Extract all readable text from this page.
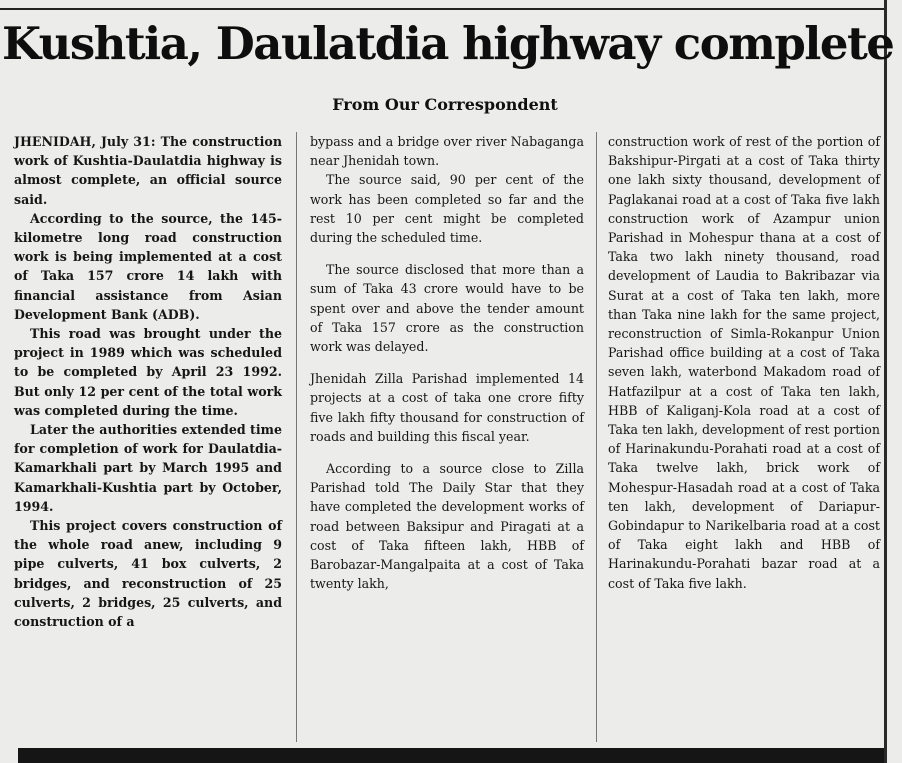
Kushtia, Daulatdia highway complete
From Our Correspondent

JHENIDAH, July 31: The construction work of Kushtia-Daulatdia highway is almost complete, an official source said.

According to the source, the 145-kilometre long road construction work is being implemented at a cost of Taka 157 crore 14 lakh with financial assistance from Asian Development Bank (ADB).

This road was brought under the project in 1989 which was scheduled to be completed by April 23 1992. But only 12 per cent of the total work was completed during the time.

Later the authorities extended time for completion of work for Daulatdia-Kamarkhali part by March 1995 and Kamarkhali-Kushtia part by October, 1994.

This project covers construction of the whole road anew, including 9 pipe culverts, 41 box culverts, 2 bridges, and reconstruction of 25 culverts, 2 bridges, 25 culverts, and construction of a

bypass and a bridge over river Nabaganga near Jhenidah town.

The source said, 90 per cent of the work has been completed so far and the rest 10 per cent might be completed during the scheduled time.

The source disclosed that more than a sum of Taka 43 crore would have to be spent over and above the tender amount of Taka 157 crore as the construction work was delayed.

Jhenidah Zilla Parishad implemented 14 projects at a cost of taka one crore fifty five lakh fifty thousand for construction of roads and building this fiscal year.

According to a source close to Zilla Parishad told The Daily Star that they have completed the development works of road between Baksipur and Piragati at a cost of Taka fifteen lakh, HBB of Barobazar-Mangalpaita at a cost of Taka twenty lakh,

construction work of rest of the portion of Bakshipur-Pirgati at a cost of Taka thirty one lakh sixty thousand, development of Paglakanai road at a cost of Taka five lakh construction work of Azampur union Parishad in Mohespur thana at a cost of Taka two lakh ninety thousand, road development of Laudia to Bakribazar via Surat at a cost of Taka ten lakh, more than Taka nine lakh for the same project, reconstruction of Simla-Rokanpur Union Parishad office building at a cost of Taka seven lakh, waterbond Makadom road of Hatfazilpur at a cost of Taka ten lakh, HBB of Kaliganj-Kola road at a cost of Taka ten lakh, development of rest portion of Harinakundu-Porahati road at a cost of Taka twelve lakh, brick work of Mohespur-Hasadah road at a cost of Taka ten lakh, development of Dariapur-Gobindapur to Narikelbaria road at a cost of Taka eight lakh and HBB of Harinakundu-Porahati bazar road at a cost of Taka five lakh.
